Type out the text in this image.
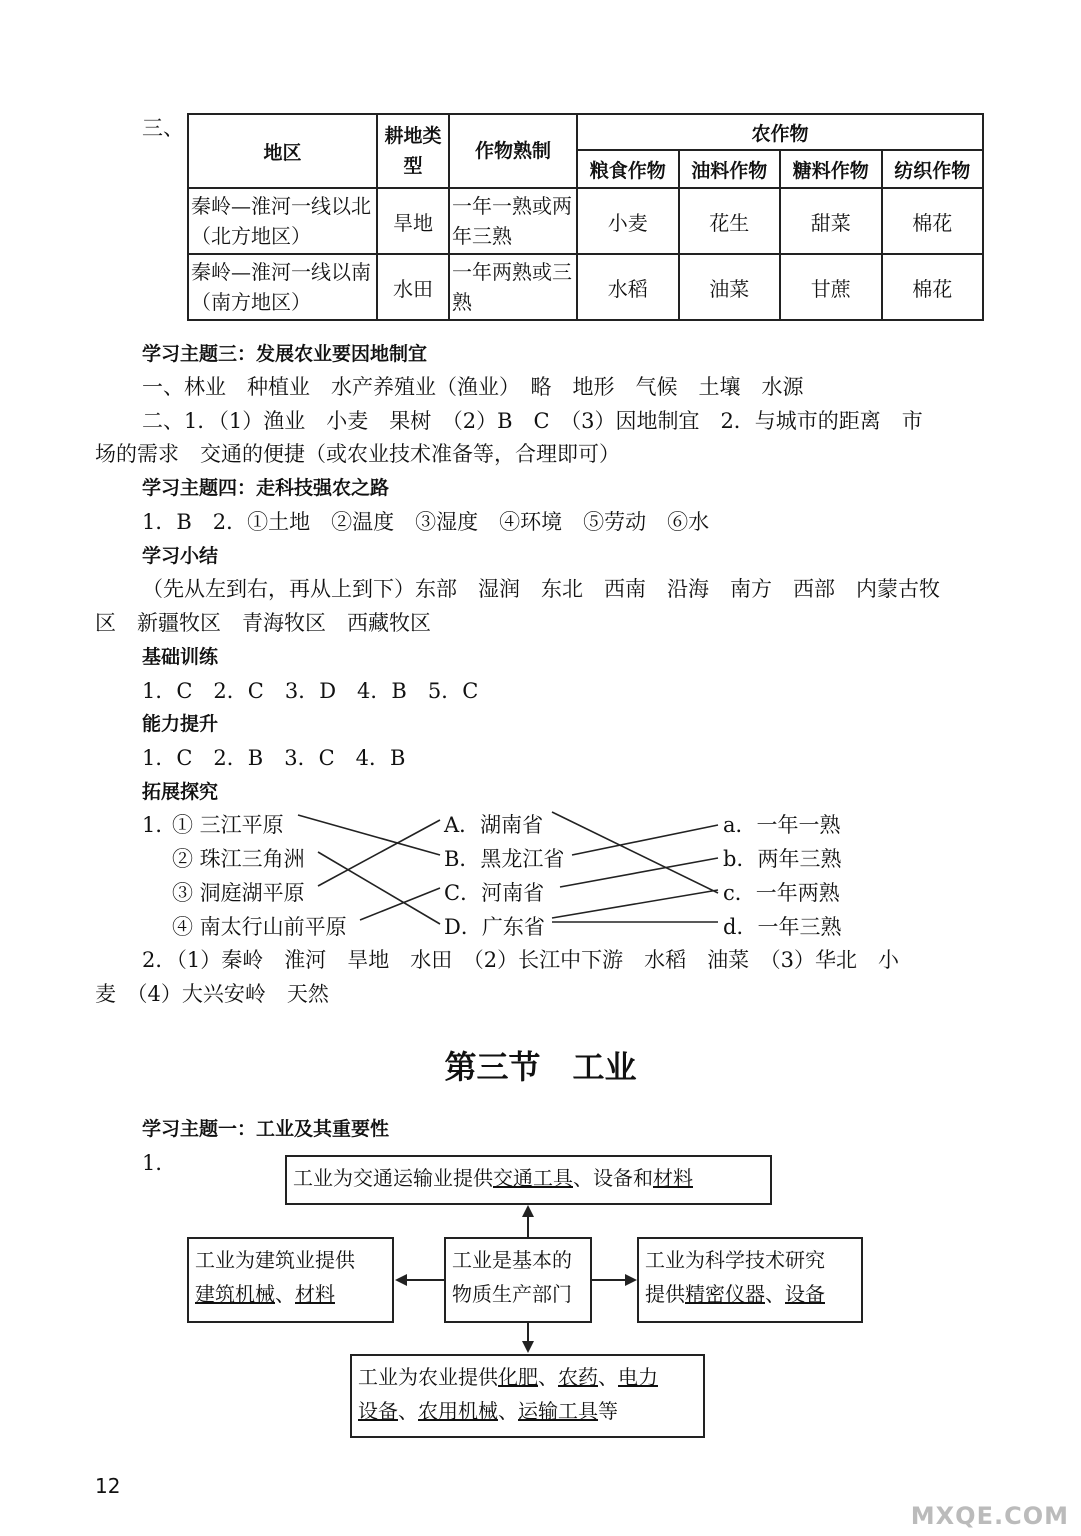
三、
地区	耕地类型	作物熟制	农作物			
			粮食作物	油料作物	糖料作物	纺织作物
秦岭—淮河一线以北（北方地区）	旱地	一年一熟或两年三熟	小麦	花生	甜菜	棉花
秦岭—淮河一线以南（南方地区）	水田	一年两熟或三熟	水稻	油菜	甘蔗	棉花
学习主题三：发展农业要因地制宜
一、林业　种植业　水产养殖业（渔业）　略　地形　气候　土壤　水源
二、1．（1）渔业　小麦　果树　（2）B　C　（3）因地制宜　2．与城市的距离　市
场的需求　交通的便捷（或农业技术准备等，合理即可）
学习主题四：走科技强农之路
1．B　2．①土地　②温度　③湿度　④环境　⑤劳动　⑥水
学习小结
（先从左到右，再从上到下）东部　湿润　东北　西南　沿海　南方　西部　内蒙古牧
区　新疆牧区　青海牧区　西藏牧区
基础训练
1．C　2．C　3．D　4．B　5．C
能力提升
1．C　2．B　3．C　4．B
拓展探究
1．
① 三江平原
② 珠江三角洲
③ 洞庭湖平原
④ 南太行山前平原
A．湖南省
B．黑龙江省
C．河南省
D．广东省
a．一年一熟
b．两年三熟
c．一年两熟
d．一年三熟
2．（1）秦岭　淮河　旱地　水田　（2）长江中下游　水稻　油菜　（3）华北　小
麦　（4）大兴安岭　天然
第三节　工业
学习主题一：工业及其重要性
1．
工业为交通运输业提供交通工具、设备和材料
工业为建筑业提供
建筑机械、材料
工业是基本的物质生产部门
工业为科学技术研究
提供精密仪器、设备
工业为农业提供化肥、农药、电力
设备、农用机械、运输工具等
12
MXQE.COM
